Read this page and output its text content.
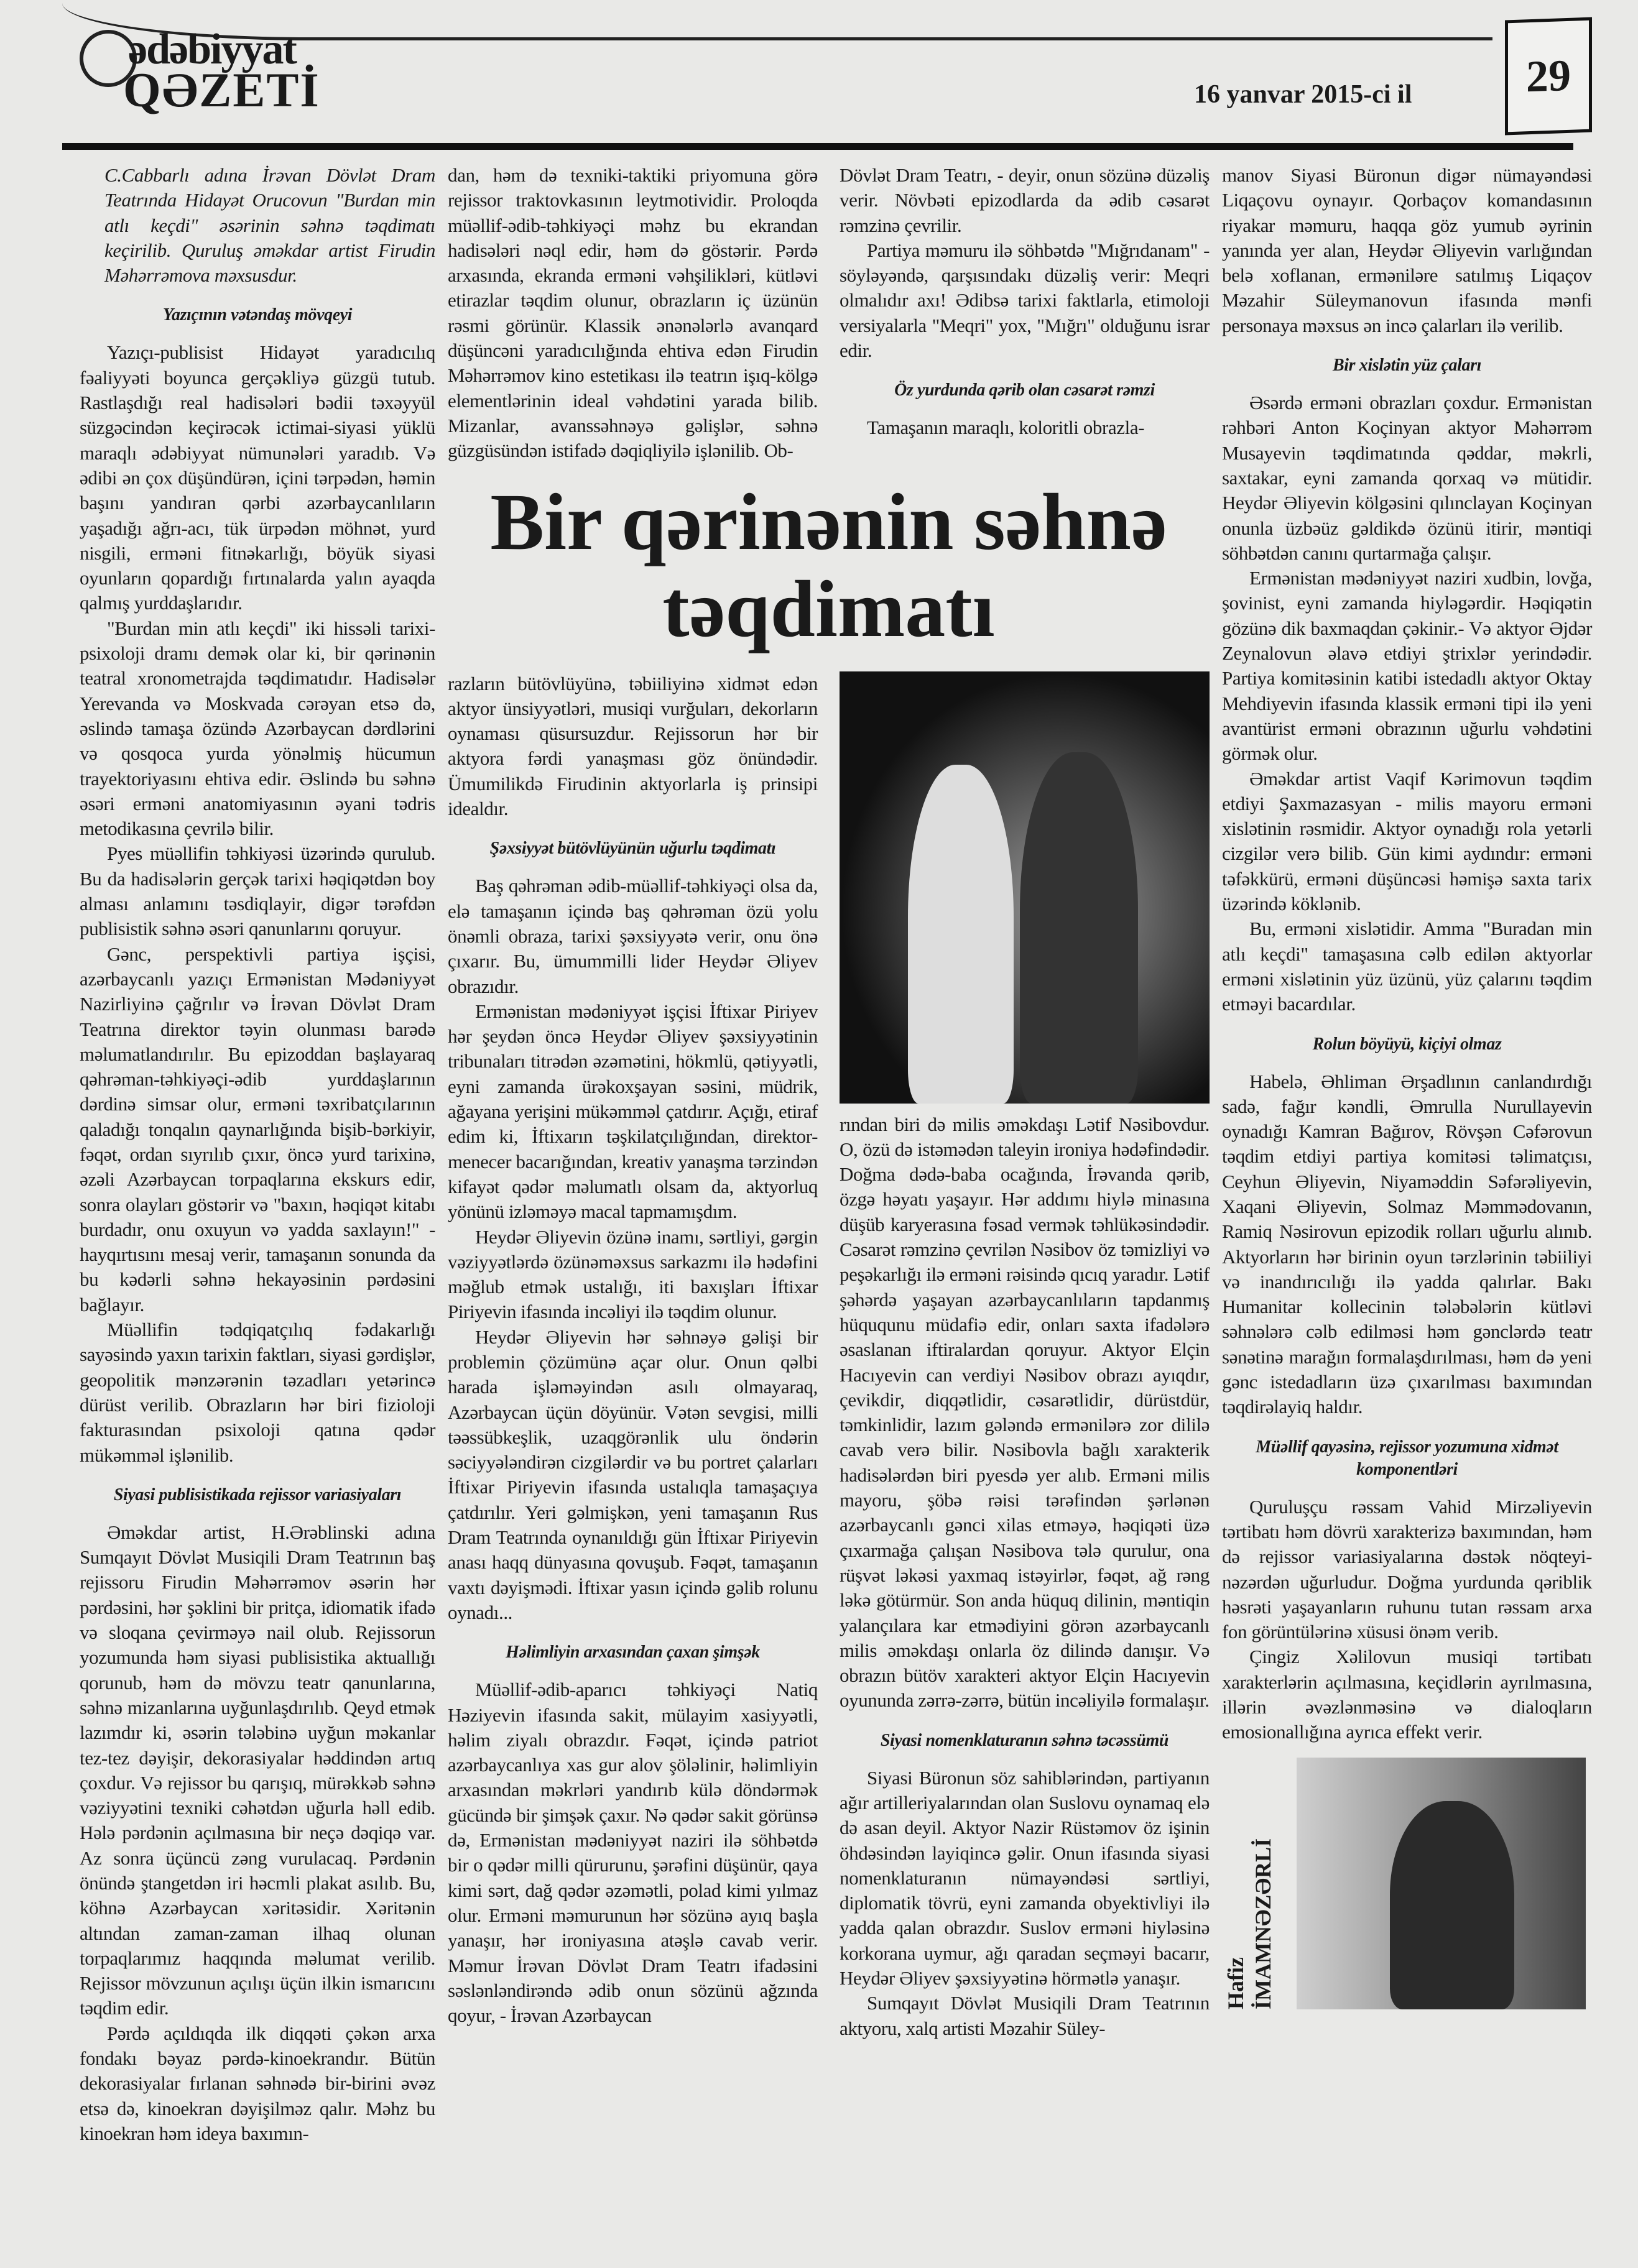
ədəbiyyat
QƏZETİ	16 yanvar 2015-ci il	29

C.Cabbarlı adına İrəvan Dövlət Dram Teatrında Hidayət Orucovun "Burdan min atlı keçdi" əsərinin səhnə təqdimatı keçirilib. Quruluş əməkdar artist Firudin Məhərrəmova məxsusdur.

Yazıçının vətəndaş mövqeyi

Yazıçı-publisist Hidayət yaradıcılıq fəaliyyəti boyunca gerçəkliyə güzgü tutub. Rastlaşdığı real hadisələri bədii təxəyyül süzgəcindən keçirəcək ictimai-siyasi yüklü maraqlı ədəbiyyat nümunələri yaradıb. Və ədibi ən çox düşündürən, içini tərpədən, həmin başını yandıran qərbi azərbaycanlıların yaşadığı ağrı-acı, tük ürpədən möhnət, yurd nisgili, erməni fitnəkarlığı, böyük siyasi oyunların qopardığı fırtınalarda yalın ayaqda qalmış yurddaşlarıdır.

"Burdan min atlı keçdi" iki hissəli tarixi-psixoloji dramı demək olar ki, bir qərinənin teatral xronometrajda təqdimatıdır. Hadisələr Yerevanda və Moskvada cərəyan etsə də, əslində tamaşa özündə Azərbaycan dərdlərini və qosqoca yurda yönəlmiş hücumun trayektoriyasını ehtiva edir. Əslində bu səhnə əsəri erməni anatomiyasının əyani tədris metodikasına çevrilə bilir.

Pyes müəllifin təhkiyəsi üzərində qurulub. Bu da hadisələrin gerçək tarixi həqiqətdən boy alması anlamını təsdiqlayir, digər tərəfdən publisistik səhnə əsəri qanunlarını qoruyur.

Gənc, perspektivli partiya işçisi, azərbaycanlı yazıçı Ermənistan Mədəniyyət Nazirliyinə çağrılır və İrəvan Dövlət Dram Teatrına direktor təyin olunması barədə məlumatlandırılır. Bu epizoddan başlayaraq qəhrəman-təhkiyəçi-ədib yurddaşlarının dərdinə simsar olur, erməni təxribatçılarının qaladığı tonqalın qaynarlığında bişib-bərkiyir, fəqət, ordan sıyrılıb çıxır, öncə yurd tarixinə, əzəli Azərbaycan torpaqlarına ekskurs edir, sonra olayları göstərir və "baxın, həqiqət kitabı burdadır, onu oxuyun və yadda saxlayın!" - hayqırtısını mesaj verir, tamaşanın sonunda da bu kədərli səhnə hekayəsinin pərdəsini bağlayır.

Müəllifin tədqiqatçılıq fədakarlığı sayəsində yaxın tarixin faktları, siyasi gərdişlər, geopolitik mənzərənin təzadları yetərincə dürüst verilib. Obrazların hər biri fizioloji fakturasından psixoloji qatına qədər mükəmməl işlənilib.

Siyasi publisistikada rejissor variasiyaları

Əməkdar artist, H.Ərəblinski adına Sumqayıt Dövlət Musiqili Dram Teatrının baş rejissoru Firudin Məhərrəmov əsərin hər pərdəsini, hər şəklini bir pritça, idiomatik ifadə və sloqana çevirməyə nail olub. Rejissorun yozumunda həm siyasi publisistika aktuallığı qorunub, həm də mövzu teatr qanunlarına, səhnə mizanlarına uyğunlaşdırılıb. Qeyd etmək lazımdır ki, əsərin tələbinə uyğun məkanlar tez-tez dəyişir, dekorasiyalar həddindən artıq çoxdur. Və rejissor bu qarışıq, mürəkkəb səhnə vəziyyətini texniki cəhətdən uğurla həll edib. Hələ pərdənin açılmasına bir neçə dəqiqə var. Az sonra üçüncü zəng vurulacaq. Pərdənin önündə ştangetdən iri həcmli plakat asılıb. Bu, köhnə Azərbaycan xəritəsidir. Xəritənin altından zaman-zaman ilhaq olunan torpaqlarımız haqqında məlumat verilib. Rejissor mövzunun açılışı üçün ilkin ismarıcını təqdim edir.

Pərdə açıldıqda ilk diqqəti çəkən arxa fondakı bəyaz pərdə-kinoekrandır. Bütün dekorasiyalar fırlanan səhnədə bir-birini əvəz etsə də, kinoekran dəyişilməz qalır. Məhz bu kinoekran həm ideya baxımın-

dan, həm də texniki-taktiki priyomuna görə rejissor traktovkasının leytmotividir. Proloqda müəllif-ədib-təhkiyəçi məhz bu ekrandan hadisələri nəql edir, həm də göstərir. Pərdə arxasında, ekranda erməni vəhşilikləri, kütləvi etirazlar təqdim olunur, obrazların iç üzünün rəsmi görünür. Klassik ənənələrlə avanqard düşüncəni yaradıcılığında ehtiva edən Firudin Məhərrəmov kino estetikası ilə teatrın işıq-kölgə elementlərinin ideal vəhdətini yarada bilib. Mizanlar, avanssəhnəyə gəlişlər, səhnə güzgüsündən istifadə dəqiqliyilə işlənilib. Ob-

Dövlət Dram Teatrı, - deyir, onun sözünə düzəliş verir. Növbəti epizodlarda da ədib cəsarət rəmzinə çevrilir.

Partiya məmuru ilə söhbətdə "Mığrıdanam" - söyləyəndə, qarşısındakı düzəliş verir: Meqri olmalıdır axı! Ədibsə tarixi faktlarla, etimoloji versiyalarla "Meqri" yox, "Mığrı" olduğunu israr edir.

Öz yurdunda qərib olan cəsarət rəmzi

Tamaşanın maraqlı, koloritli obrazla-

Bir qərinənin səhnə təqdimatı

razların bütövlüyünə, təbiiliyinə xidmət edən aktyor ünsiyyətləri, musiqi vurğuları, dekorların oynaması qüsursuzdur. Rejissorun hər bir aktyora fərdi yanaşması göz önündədir. Ümumilikdə Firudinin aktyorlarla iş prinsipi idealdır.

Şəxsiyyət bütövlüyünün uğurlu təqdimatı

Baş qəhrəman ədib-müəllif-təhkiyəçi olsa da, elə tamaşanın içində baş qəhrəman özü yolu önəmli obraza, tarixi şəxsiyyətə verir, onu önə çıxarır. Bu, ümummilli lider Heydər Əliyev obrazıdır.

Ermənistan mədəniyyət işçisi İftixar Piriyev hər şeydən öncə Heydər Əliyev şəxsiyyətinin tribunaları titrədən əzəmətini, hökmlü, qətiyyətli, eyni zamanda ürəkoxşayan səsini, müdrik, ağayana yerişini mükəmməl çatdırır. Açığı, etiraf edim ki, İftixarın təşkilatçılığından, direktor-menecer bacarığından, kreativ yanaşma tərzindən kifayət qədər məlumatlı olsam da, aktyorluq yönünü izləməyə macal tapmamışdım.

Heydər Əliyevin özünə inamı, sərtliyi, gərgin vəziyyətlərdə özünəməxsus sarkazmı ilə hədəfini məğlub etmək ustalığı, iti baxışları İftixar Piriyevin ifasında incəliyi ilə təqdim olunur.

Heydər Əliyevin hər səhnəyə gəlişi bir problemin çözümünə açar olur. Onun qəlbi harada işləməyindən asılı olmayaraq, Azərbaycan üçün döyünür. Vətən sevgisi, milli təəssübkeşlik, uzaqgörənlik ulu öndərin səciyyələndirən cizgilərdir və bu portret çalarları İftixar Piriyevin ifasında ustalıqla tamaşaçıya çatdırılır. Yeri gəlmişkən, yeni tamaşanın Rus Dram Teatrında oynanıldığı gün İftixar Piriyevin anası haqq dünyasına qovuşub. Fəqət, tamaşanın vaxtı dəyişmədi. İftixar yasın içində gəlib rolunu oynadı...

Həlimliyin arxasından çaxan şimşək

Müəllif-ədib-aparıcı təhkiyəçi Natiq Həziyevin ifasında sakit, mülayim xasiyyətli, həlim ziyalı obrazdır. Fəqət, içində patriot azərbaycanlıya xas gur alov şöləlinir, həlimliyin arxasından məkrləri yandırıb külə döndərmək gücündə bir şimşək çaxır. Nə qədər sakit görünsə də, Ermənistan mədəniyyət naziri ilə söhbətdə bir o qədər milli qürurunu, şərəfini düşünür, qaya kimi sərt, dağ qədər əzəmətli, polad kimi yılmaz olur. Erməni məmurunun hər sözünə ayıq başla yanaşır, hər ironiyasına atəşlə cavab verir. Məmur İrəvan Dövlət Dram Teatrı ifadəsini səslənləndirəndə ədib onun sözünü ağzında qoyur, - İrəvan Azərbaycan

rından biri də milis əməkdaşı Lətif Nəsibovdur. O, özü də istəmədən taleyin ironiya hədəfindədir. Doğma dədə-baba ocağında, İrəvanda qərib, özgə həyatı yaşayır. Hər addımı hiylə minasına düşüb karyerasına fəsad vermək təhlükəsindədir. Cəsarət rəmzinə çevrilən Nəsibov öz təmizliyi və peşəkarlığı ilə erməni rəisində qıcıq yaradır. Lətif şəhərdə yaşayan azərbaycanlıların tapdanmış hüququnu müdafiə edir, onları saxta ifadələrə əsaslanan iftiralardan qoruyur. Aktyor Elçin Hacıyevin can verdiyi Nəsibov obrazı ayıqdır, çevikdir, diqqətlidir, cəsarətlidir, dürüstdür, təmkinlidir, lazım gələndə ermənilərə zor dililə cavab verə bilir. Nəsibovla bağlı xarakterik hadisələrdən biri pyesdə yer alıb. Erməni milis mayoru, şöbə rəisi tərəfindən şərlənən azərbaycanlı gənci xilas etməyə, həqiqəti üzə çıxarmağa çalışan Nəsibova tələ qurulur, ona rüşvət ləkəsi yaxmaq istəyirlər, fəqət, ağ rəng ləkə götürmür. Son anda hüquq dilinin, məntiqin yalançılara kar etmədiyini görən azərbaycanlı milis əməkdaşı onlarla öz dilində danışır. Və obrazın bütöv xarakteri aktyor Elçin Hacıyevin oyununda zərrə-zərrə, bütün incəliyilə formalaşır.

Siyasi nomenklaturanın səhnə təcəssümü

Siyasi Büronun söz sahiblərindən, partiyanın ağır artilleriyalarından olan Suslovu oynamaq elə də asan deyil. Aktyor Nazir Rüstəmov öz işinin öhdəsindən layiqincə gəlir. Onun ifasında siyasi nomenklaturanın nümayəndəsi sərtliyi, diplomatik tövrü, eyni zamanda obyektivliyi ilə yadda qalan obrazdır. Suslov erməni hiyləsinə korkorana uymur, ağı qaradan seçməyi bacarır, Heydər Əliyev şəxsiyyətinə hörmətlə yanaşır.

Sumqayıt Dövlət Musiqili Dram Teatrının aktyoru, xalq artisti Məzahir Süley-

manov Siyasi Büronun digər nümayəndəsi Liqaçovu oynayır. Qorbaçov komandasının riyakar məmuru, haqqa göz yumub əyrinin yanında yer alan, Heydər Əliyevin varlığından belə xoflanan, erməniləre satılmış Liqaçov Məzahir Süleymanovun ifasında mənfi personaya məxsus ən incə çalarları ilə verilib.

Bir xislətin yüz çaları

Əsərdə erməni obrazları çoxdur. Ermənistan rəhbəri Anton Koçinyan aktyor Məhərrəm Musayevin təqdimatında qəddar, məkrli, saxtakar, eyni zamanda qorxaq və mütidir. Heydər Əliyevin kölgəsini qılınclayan Koçinyan onunla üzbəüz gəldikdə özünü itirir, məntiqi söhbətdən canını qurtarmağa çalışır.

Ermənistan mədəniyyət naziri xudbin, lovğa, şovinist, eyni zamanda hiyləgərdir. Həqiqətin gözünə dik baxmaqdan çəkinir.- Və aktyor Əjdər Zeynalovun əlavə etdiyi ştrixlər yerindədir. Partiya komitəsinin katibi istedadlı aktyor Oktay Mehdiyevin ifasında klassik erməni tipi ilə yeni avantürist erməni obrazının uğurlu vəhdətini görmək olur.

Əməkdar artist Vaqif Kərimovun təqdim etdiyi Şaxmazasyan - milis mayoru erməni xislətinin rəsmidir. Aktyor oynadığı rola yetərli cizgilər verə bilib. Gün kimi aydındır: erməni təfəkkürü, erməni düşüncəsi həmişə saxta tarix üzərində köklənib.

Bu, erməni xislətidir. Amma "Buradan min atlı keçdi" tamaşasına cəlb edilən aktyorlar erməni xislətinin yüz üzünü, yüz çalarını təqdim etməyi bacardılar.

Rolun böyüyü, kiçiyi olmaz

Habelə, Əhliman Ərşadlının canlandırdığı sadə, fağır kəndli, Əmrulla Nurullayevin oynadığı Kamran Bağırov, Rövşən Cəfərovun təqdim etdiyi partiya komitəsi təlimatçısı, Ceyhun Əliyevin, Niyaməddin Səfərəliyevin, Xaqani Əliyevin, Solmaz Məmmədovanın, Ramiq Nəsirovun epizodik rolları uğurlu alınıb. Aktyorların hər birinin oyun tərzlərinin təbiiliyi və inandırıcılığı ilə yadda qalırlar. Bakı Humanitar kollecinin tələbələrin kütləvi səhnələrə cəlb edilməsi həm gənclərdə teatr sənətinə marağın formalaşdırılması, həm də yeni gənc istedadların üzə çıxarılması baxımından təqdirəlayiq haldır.

Müəllif qayəsinə, rejissor yozumuna xidmət komponentləri

Quruluşçu rəssam Vahid Mirzəliyevin tərtibatı həm dövrü xarakterizə baxımından, həm də rejissor variasiyalarına dəstək nöqteyi-nəzərdən uğurludur. Doğma yurdunda qəriblik həsrəti yaşayanların ruhunu tutan rəssam arxa fon görüntülərinə xüsusi önəm verib.

Çingiz Xəlilovun musiqi tərtibatı xarakterlərin açılmasına, keçidlərin ayrılmasına, illərin əvəzlənməsinə və dialoqların emosionallığına ayrıca effekt verir.

Hafiz İMAMNƏZƏRLİ
